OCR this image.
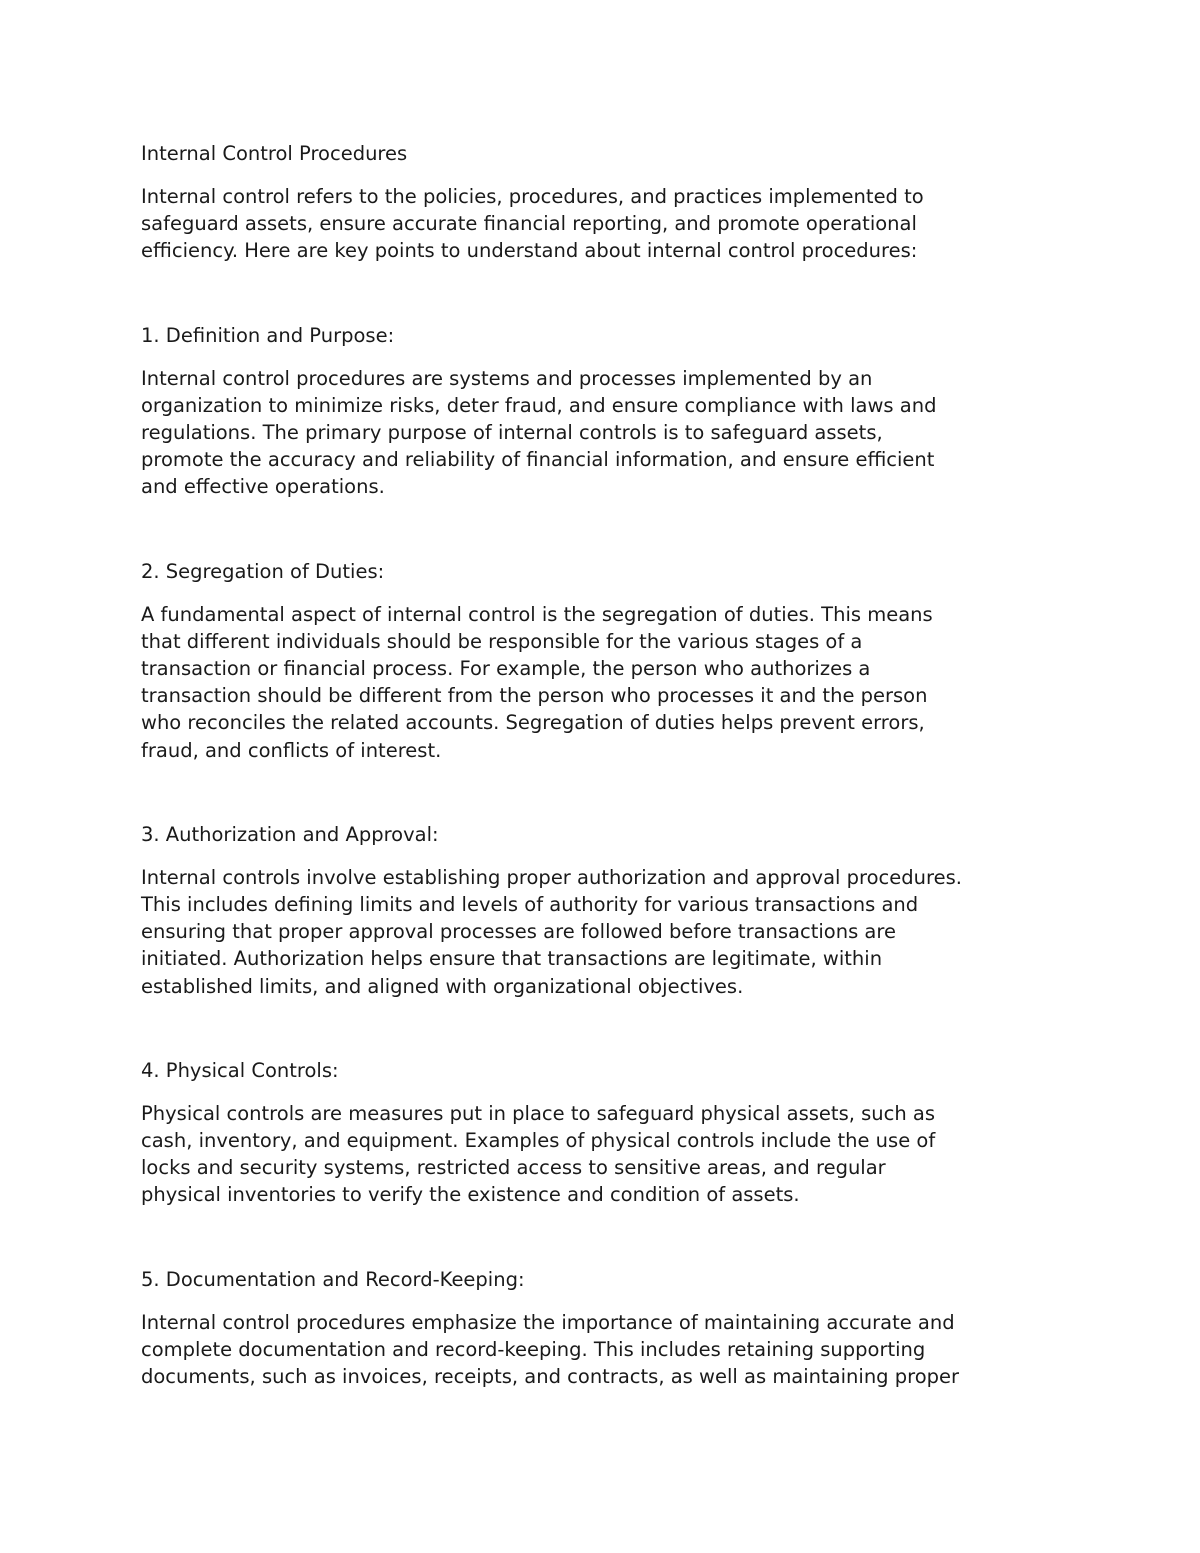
Internal Control Procedures

Internal control refers to the policies, procedures, and practices implemented to
safeguard assets, ensure accurate financial reporting, and promote operational
efficiency. Here are key points to understand about internal control procedures:

1. Definition and Purpose:

Internal control procedures are systems and processes implemented by an
organization to minimize risks, deter fraud, and ensure compliance with laws and
regulations. The primary purpose of internal controls is to safeguard assets,
promote the accuracy and reliability of financial information, and ensure efficient
and effective operations.

2. Segregation of Duties:

A fundamental aspect of internal control is the segregation of duties. This means
that different individuals should be responsible for the various stages of a
transaction or financial process. For example, the person who authorizes a
transaction should be different from the person who processes it and the person
who reconciles the related accounts. Segregation of duties helps prevent errors,
fraud, and conflicts of interest.

3. Authorization and Approval:

Internal controls involve establishing proper authorization and approval procedures.
This includes defining limits and levels of authority for various transactions and
ensuring that proper approval processes are followed before transactions are
initiated. Authorization helps ensure that transactions are legitimate, within
established limits, and aligned with organizational objectives.

4. Physical Controls:

Physical controls are measures put in place to safeguard physical assets, such as
cash, inventory, and equipment. Examples of physical controls include the use of
locks and security systems, restricted access to sensitive areas, and regular
physical inventories to verify the existence and condition of assets.

5. Documentation and Record-Keeping:

Internal control procedures emphasize the importance of maintaining accurate and
complete documentation and record-keeping. This includes retaining supporting
documents, such as invoices, receipts, and contracts, as well as maintaining proper
